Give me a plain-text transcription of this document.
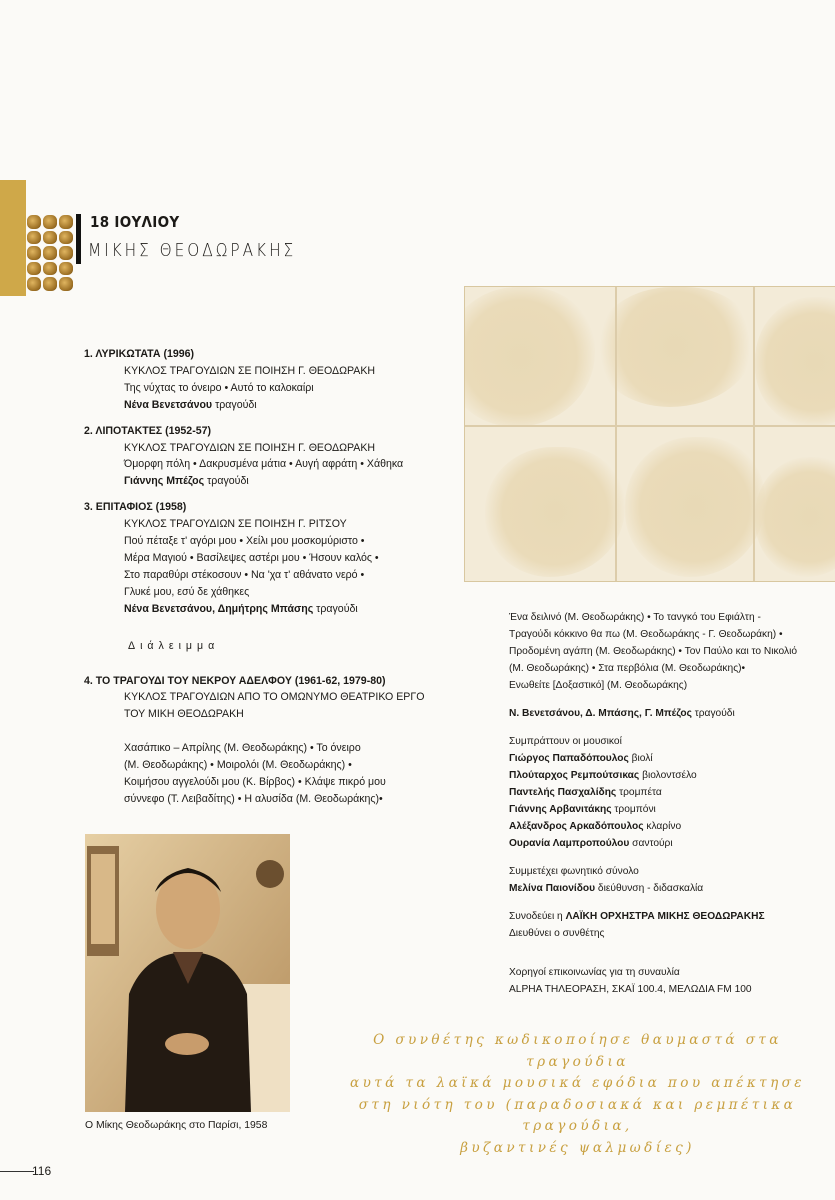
18 ΙΟΥΛΙΟΥ
ΜΙΚΗΣ ΘΕΟΔΩΡΑΚΗΣ
1. ΛΥΡΙΚΩΤΑΤΑ (1996)
ΚΥΚΛΟΣ ΤΡΑΓΟΥΔΙΩΝ ΣΕ ΠΟΙΗΣΗ Γ. ΘΕΟΔΩΡΑΚΗ
Της νύχτας το όνειρο • Αυτό το καλοκαίρι
Νένα Βενετσάνου τραγούδι
2. ΛΙΠΟΤΑΚΤΕΣ (1952-57)
ΚΥΚΛΟΣ ΤΡΑΓΟΥΔΙΩΝ ΣΕ ΠΟΙΗΣΗ Γ. ΘΕΟΔΩΡΑΚΗ
Όμορφη πόλη • Δακρυσμένα μάτια • Αυγή αφράτη • Χάθηκα
Γιάννης Μπέζος τραγούδι
3. ΕΠΙΤΑΦΙΟΣ (1958)
ΚΥΚΛΟΣ ΤΡΑΓΟΥΔΙΩΝ ΣΕ ΠΟΙΗΣΗ Γ. ΡΙΤΣΟΥ
Πού πέταξε τ' αγόρι μου • Χείλι μου μοσκομύριστο •
Μέρα Μαγιού • Βασίλεψες αστέρι μου • Ήσουν καλός •
Στο παραθύρι στέκοσουν • Να 'χα τ' αθάνατο νερό •
Γλυκέ μου, εσύ δε χάθηκες
Νένα Βενετσάνου, Δημήτρης Μπάσης τραγούδι
Διάλειμμα
4. ΤΟ ΤΡΑΓΟΥΔΙ ΤΟΥ ΝΕΚΡΟΥ ΑΔΕΛΦΟΥ (1961-62, 1979-80)
ΚΥΚΛΟΣ ΤΡΑΓΟΥΔΙΩΝ ΑΠΟ ΤΟ ΟΜΩΝΥΜΟ ΘΕΑΤΡΙΚΟ ΕΡΓΟ
ΤΟΥ ΜΙΚΗ ΘΕΟΔΩΡΑΚΗ
Χασάπικο – Απρίλης (Μ. Θεοδωράκης) • Το όνειρο
(Μ. Θεοδωράκης) • Μοιρολόι (Μ. Θεοδωράκης) •
Κοιμήσου αγγελούδι μου (Κ. Βίρβος) • Κλάψε πικρό μου
σύννεφο (Τ. Λειβαδίτης) • Η αλυσίδα (Μ. Θεοδωράκης)•
Ένα δειλινό (Μ. Θεοδωράκης) • Το τανγκό του Εφιάλτη -
Τραγούδι κόκκινο θα πω (Μ. Θεοδωράκης - Γ. Θεοδωράκη) •
Προδομένη αγάπη (Μ. Θεοδωράκης) • Τον Παύλο και το Νικολιό
(Μ. Θεοδωράκης) • Στα περβόλια (Μ. Θεοδωράκης)•
Ενωθείτε [Δοξαστικό] (Μ. Θεοδωράκης)
Ν. Βενετσάνου, Δ. Μπάσης, Γ. Μπέζος τραγούδι
Συμπράττουν οι μουσικοί
Γιώργος Παπαδόπουλος βιολί
Πλούταρχος Ρεμπούτσικας βιολοντσέλο
Παντελής Πασχαλίδης τρομπέτα
Γιάννης Αρβανιτάκης τρομπόνι
Αλέξανδρος Αρκαδόπουλος κλαρίνο
Ουρανία Λαμπροπούλου σαντούρι
Συμμετέχει φωνητικό σύνολο
Μελίνα Παιονίδου διεύθυνση - διδασκαλία
Συνοδεύει η ΛΑΪΚΗ ΟΡΧΗΣΤΡΑ ΜΙΚΗΣ ΘΕΟΔΩΡΑΚΗΣ
Διευθύνει ο συνθέτης
Χορηγοί επικοινωνίας για τη συναυλία
ALPHA ΤΗΛΕΟΡΑΣΗ, ΣΚΑΪ 100.4, ΜΕΛΩΔΙΑ FM 100
Ο Μίκης Θεοδωράκης στο Παρίσι, 1958
Ο συνθέτης κωδικοποίησε θαυμαστά στα τραγούδια
αυτά τα λαϊκά μουσικά εφόδια που απέκτησε
στη νιότη του (παραδοσιακά και ρεμπέτικα τραγούδια,
βυζαντινές ψαλμωδίες)
116
